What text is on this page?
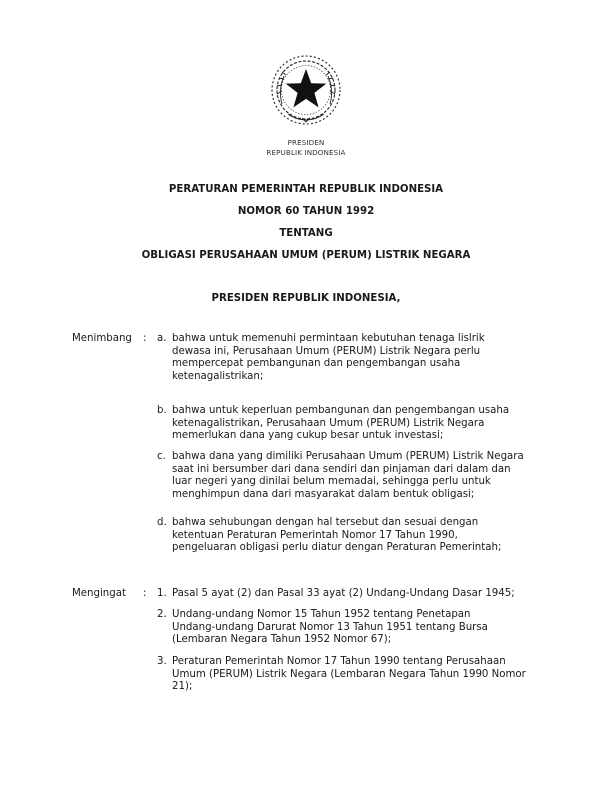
PRESIDEN
REPUBLIK INDONESIA
PERATURAN PEMERINTAH REPUBLIK INDONESIA
NOMOR 60 TAHUN 1992
TENTANG
OBLIGASI PERUSAHAAN UMUM (PERUM) LISTRIK NEGARA
PRESIDEN REPUBLIK INDONESIA,
Menimbang	: a. bahwa untuk memenuhi permintaan kebutuhan tenaga lislrik
dewasa ini, Perusahaan Umum (PERUM) Listrik Negara perlu
mempercepat pembangunan dan pengembangan usaha
ketenagalistrikan;
b. bahwa untuk keperluan pembangunan dan pengembangan usaha
ketenagalistrikan, Perusahaan Umum (PERUM) Listrik Negara
memerlukan dana yang cukup besar untuk investasi;
c. bahwa dana yang dimiliki Perusahaan Umum (PERUM) Listrik Negara
saat ini bersumber dari dana sendiri dan pinjaman dari dalam dan
luar negeri yang dinilai belum memadai, sehingga perlu untuk
menghimpun dana dari masyarakat dalam bentuk obligasi;
d. bahwa sehubungan dengan hal tersebut dan sesuai dengan
ketentuan Peraturan Pemerintah Nomor 17 Tahun 1990,
pengeluaran obligasi perlu diatur dengan Peraturan Pemerintah;
Mengingat	: 1. Pasal 5 ayat (2) dan Pasal 33 ayat (2) Undang-Undang Dasar 1945;
2. Undang-undang Nomor 15 Tahun 1952 tentang Penetapan
Undang-undang Darurat Nomor 13 Tahun 1951 tentang Bursa
(Lembaran Negara Tahun 1952 Nomor 67);
3. Peraturan Pemerintah Nomor 17 Tahun 1990 tentang Perusahaan
Umum (PERUM) Listrik Negara (Lembaran Negara Tahun 1990 Nomor
21);
